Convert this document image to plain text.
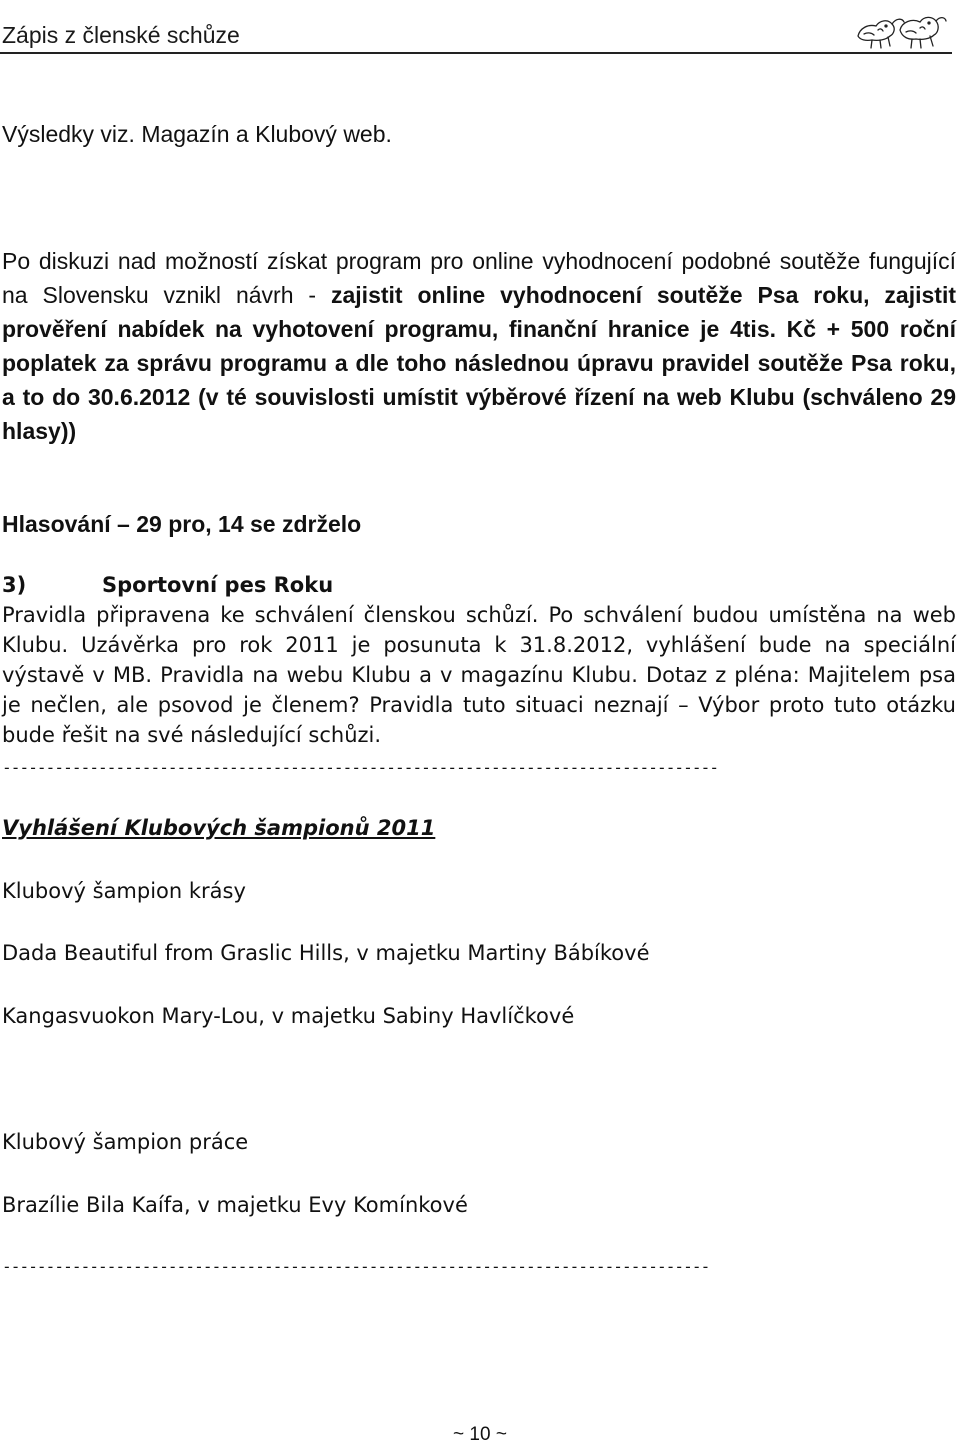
Zápis z členské schůze
Výsledky viz. Magazín a Klubový web.
Po diskuzi nad možností získat program pro online vyhodnocení podobné soutěže fungující na Slovensku vznikl návrh - zajistit online vyhodnocení soutěže Psa roku, zajistit prověření nabídek na vyhotovení programu, finanční hranice je 4tis. Kč + 500 roční poplatek za správu programu a dle toho následnou úpravu pravidel soutěže Psa roku, a to do 30.6.2012 (v té souvislosti umístit výběrové řízení na web Klubu (schváleno 29 hlasy))
Hlasování – 29 pro, 14 se zdrželo
3)	Sportovní pes Roku
Pravidla připravena ke schválení členskou schůzí. Po schválení budou umístěna na web Klubu. Uzávěrka pro rok 2011 je posunuta k 31.8.2012, vyhlášení bude na speciální výstavě v MB. Pravidla na webu Klubu a v magazínu Klubu. Dotaz z pléna: Majitelem psa je nečlen, ale psovod je členem? Pravidla tuto situaci neznají – Výbor proto tuto otázku bude řešit na své následující schůzi.
----------------------------------------------------------------------------------
Vyhlášení Klubových šampionů 2011
Klubový šampion krásy
Dada Beautiful from Graslic Hills, v majetku Martiny Bábíkové
Kangasvuokon Mary-Lou, v majetku Sabiny Havlíčkové
Klubový šampion práce
Brazílie Bila Kaífa, v majetku Evy Komínkové
---------------------------------------------------------------------------------
~ 10 ~
